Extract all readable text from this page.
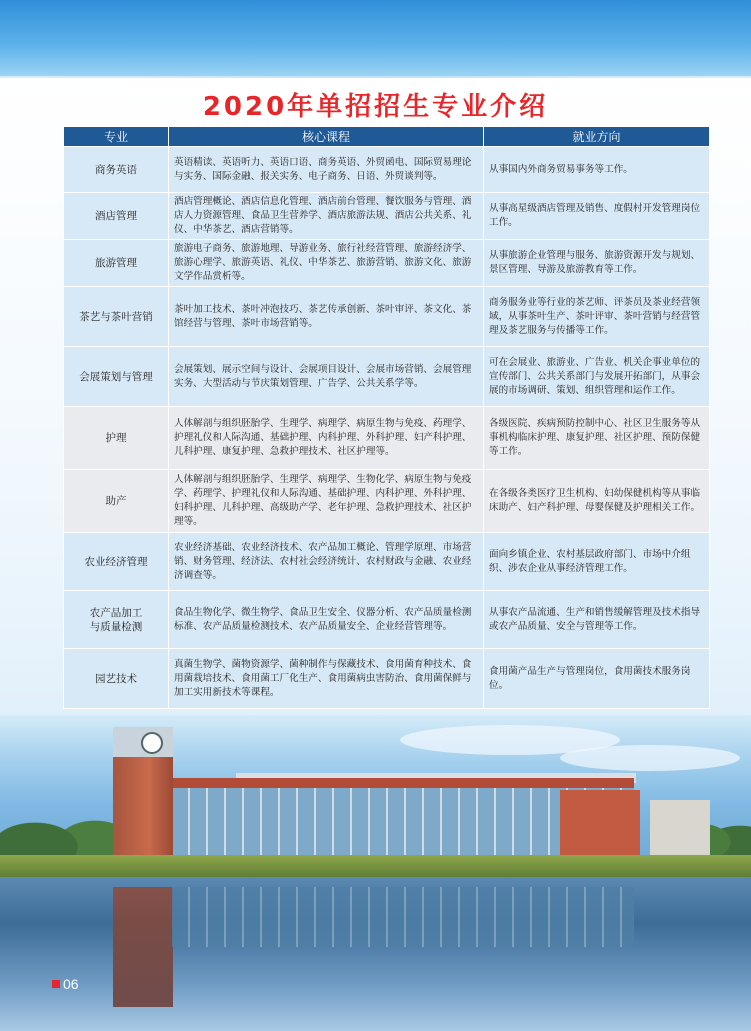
2020年单招招生专业介绍
专业	核心课程	就业方向

商务英语	英语精读、英语听力、英语口语、商务英语、外贸函电、国际贸易理论与实务、国际金融、报关实务、电子商务、日语、外贸谈判等。	从事国内外商务贸易事务等工作。

酒店管理	酒店管理概论、酒店信息化管理、酒店前台管理、餐饮服务与管理、酒店人力资源管理、食品卫生营养学、酒店旅游法规、酒店公共关系、礼仪、中华茶艺、酒店营销等。	从事高星级酒店管理及销售、度假村开发管理岗位工作。

旅游管理	旅游电子商务、旅游地理、导游业务、旅行社经营管理、旅游经济学、旅游心理学、旅游英语、礼仪、中华茶艺、旅游营销、旅游文化、旅游文学作品赏析等。	从事旅游企业管理与服务、旅游资源开发与规划、景区管理、导游及旅游教育等工作。

茶艺与茶叶营销	茶叶加工技术、茶叶冲泡技巧、茶艺传承创新、茶叶审评、茶文化、茶馆经营与管理、茶叶市场营销等。	商务服务业等行业的茶艺师、评茶员及茶业经营领域，从事茶叶生产、茶叶评审、茶叶营销与经营管理及茶艺服务与传播等工作。

会展策划与管理	会展策划、展示空间与设计、会展项目设计、会展市场营销、会展管理实务、大型活动与节庆策划管理、广告学、公共关系学等。	可在会展业、旅游业、广告业、机关企事业单位的宣传部门、公共关系部门与发展开拓部门，从事会展的市场调研、策划、组织管理和运作工作。

护理	人体解剖与组织胚胎学、生理学、病理学、病原生物与免疫、药理学、护理礼仪和人际沟通、基础护理、内科护理、外科护理、妇产科护理、儿科护理、康复护理、急救护理技术、社区护理等。	各级医院、疾病预防控制中心、社区卫生服务等从事机构临床护理、康复护理、社区护理、预防保健等工作。

助产	人体解剖与组织胚胎学、生理学、病理学、生物化学、病原生物与免疫学、药理学、护理礼仪和人际沟通、基础护理、内科护理、外科护理、妇科护理、儿科护理、高级助产学、老年护理、急救护理技术、社区护理等。	在各级各类医疗卫生机构、妇幼保健机构等从事临床助产、妇产科护理、母婴保健及护理相关工作。

农业经济管理	农业经济基础、农业经济技术、农产品加工概论、管理学原理、市场营销、财务管理、经济法、农村社会经济统计、农村财政与金融、农业经济调查等。	面向乡镇企业、农村基层政府部门、市场中介组织、涉农企业从事经济管理工作。

农产品加工
与质量检测	食品生物化学、微生物学、食品卫生安全、仪器分析、农产品质量检测标准、农产品质量检测技术、农产品质量安全、企业经营管理等。	从事农产品流通、生产和销售缓解管理及技术指导或农产品质量、安全与管理等工作。

园艺技术	真菌生物学、菌物资源学、菌种制作与保藏技术、食用菌育种技术、食用菌栽培技术、食用菌工厂化生产、食用菌病虫害防治、食用菌保鲜与加工实用新技术等课程。	食用菌产品生产与管理岗位，食用菌技术服务岗位。
06
